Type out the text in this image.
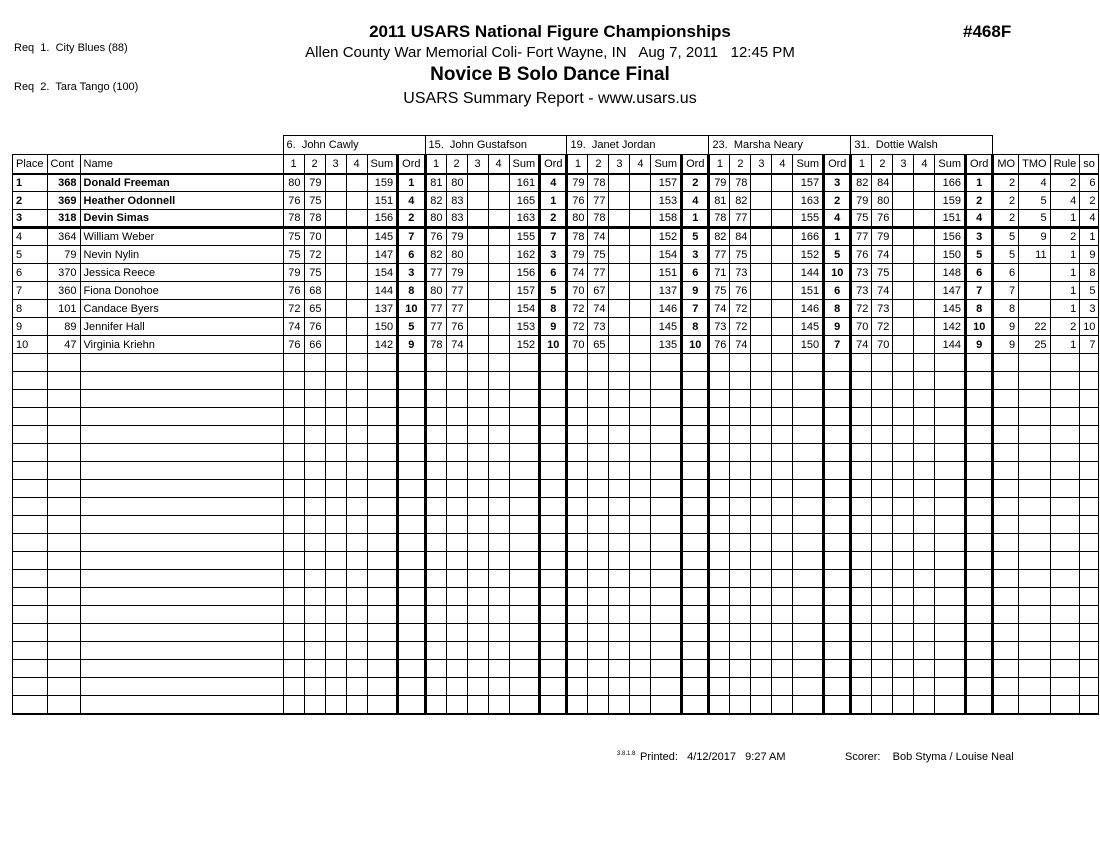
Req  1.  City Blues (88)

Req  2.  Tara Tango (100)

2011 USARS National Figure Championships	#468F
Allen County War Memorial Coli- Fort Wayne, IN   Aug 7, 2011   12:45 PM
Novice B Solo Dance Final
USARS Summary Report - www.usars.us
			6.  John Cawly						15.  John Gustafson						19.  Janet Jordan						23.  Marsha Neary						31.  Dottie Walsh									
Place	Cont	Name	1	2	3	4	Sum	Ord	1	2	3	4	Sum	Ord	1	2	3	4	Sum	Ord	1	2	3	4	Sum	Ord	1	2	3	4	Sum	Ord	MO	TMO	Rule	so
1	368	Donald Freeman	80	79			159	1	81	80			161	4	79	78			157	2	79	78			157	3	82	84			166	1	2	4	2	6
2	369	Heather Odonnell	76	75			151	4	82	83			165	1	76	77			153	4	81	82			163	2	79	80			159	2	2	5	4	2
3	318	Devin Simas	78	78			156	2	80	83			163	2	80	78			158	1	78	77			155	4	75	76			151	4	2	5	1	4
4	364	William Weber	75	70			145	7	76	79			155	7	78	74			152	5	82	84			166	1	77	79			156	3	5	9	2	1
5	79	Nevin Nylin	75	72			147	6	82	80			162	3	79	75			154	3	77	75			152	5	76	74			150	5	5	11	1	9
6	370	Jessica Reece	79	75			154	3	77	79			156	6	74	77			151	6	71	73			144	10	73	75			148	6	6		1	8
7	360	Fiona Donohoe	76	68			144	8	80	77			157	5	70	67			137	9	75	76			151	6	73	74			147	7	7		1	5
8	101	Candace Byers	72	65			137	10	77	77			154	8	72	74			146	7	74	72			146	8	72	73			145	8	8		1	3
9	89	Jennifer Hall	74	76			150	5	77	76			153	9	72	73			145	8	73	72			145	9	70	72			142	10	9	22	2	10
10	47	Virginia Kriehn	76	66			142	9	78	74			152	10	70	65			135	10	76	74			150	7	74	70			144	9	9	25	1	7

3.8.1.8 Printed:   4/12/2017   9:27 AM	Scorer:    Bob Styma / Louise Neal
